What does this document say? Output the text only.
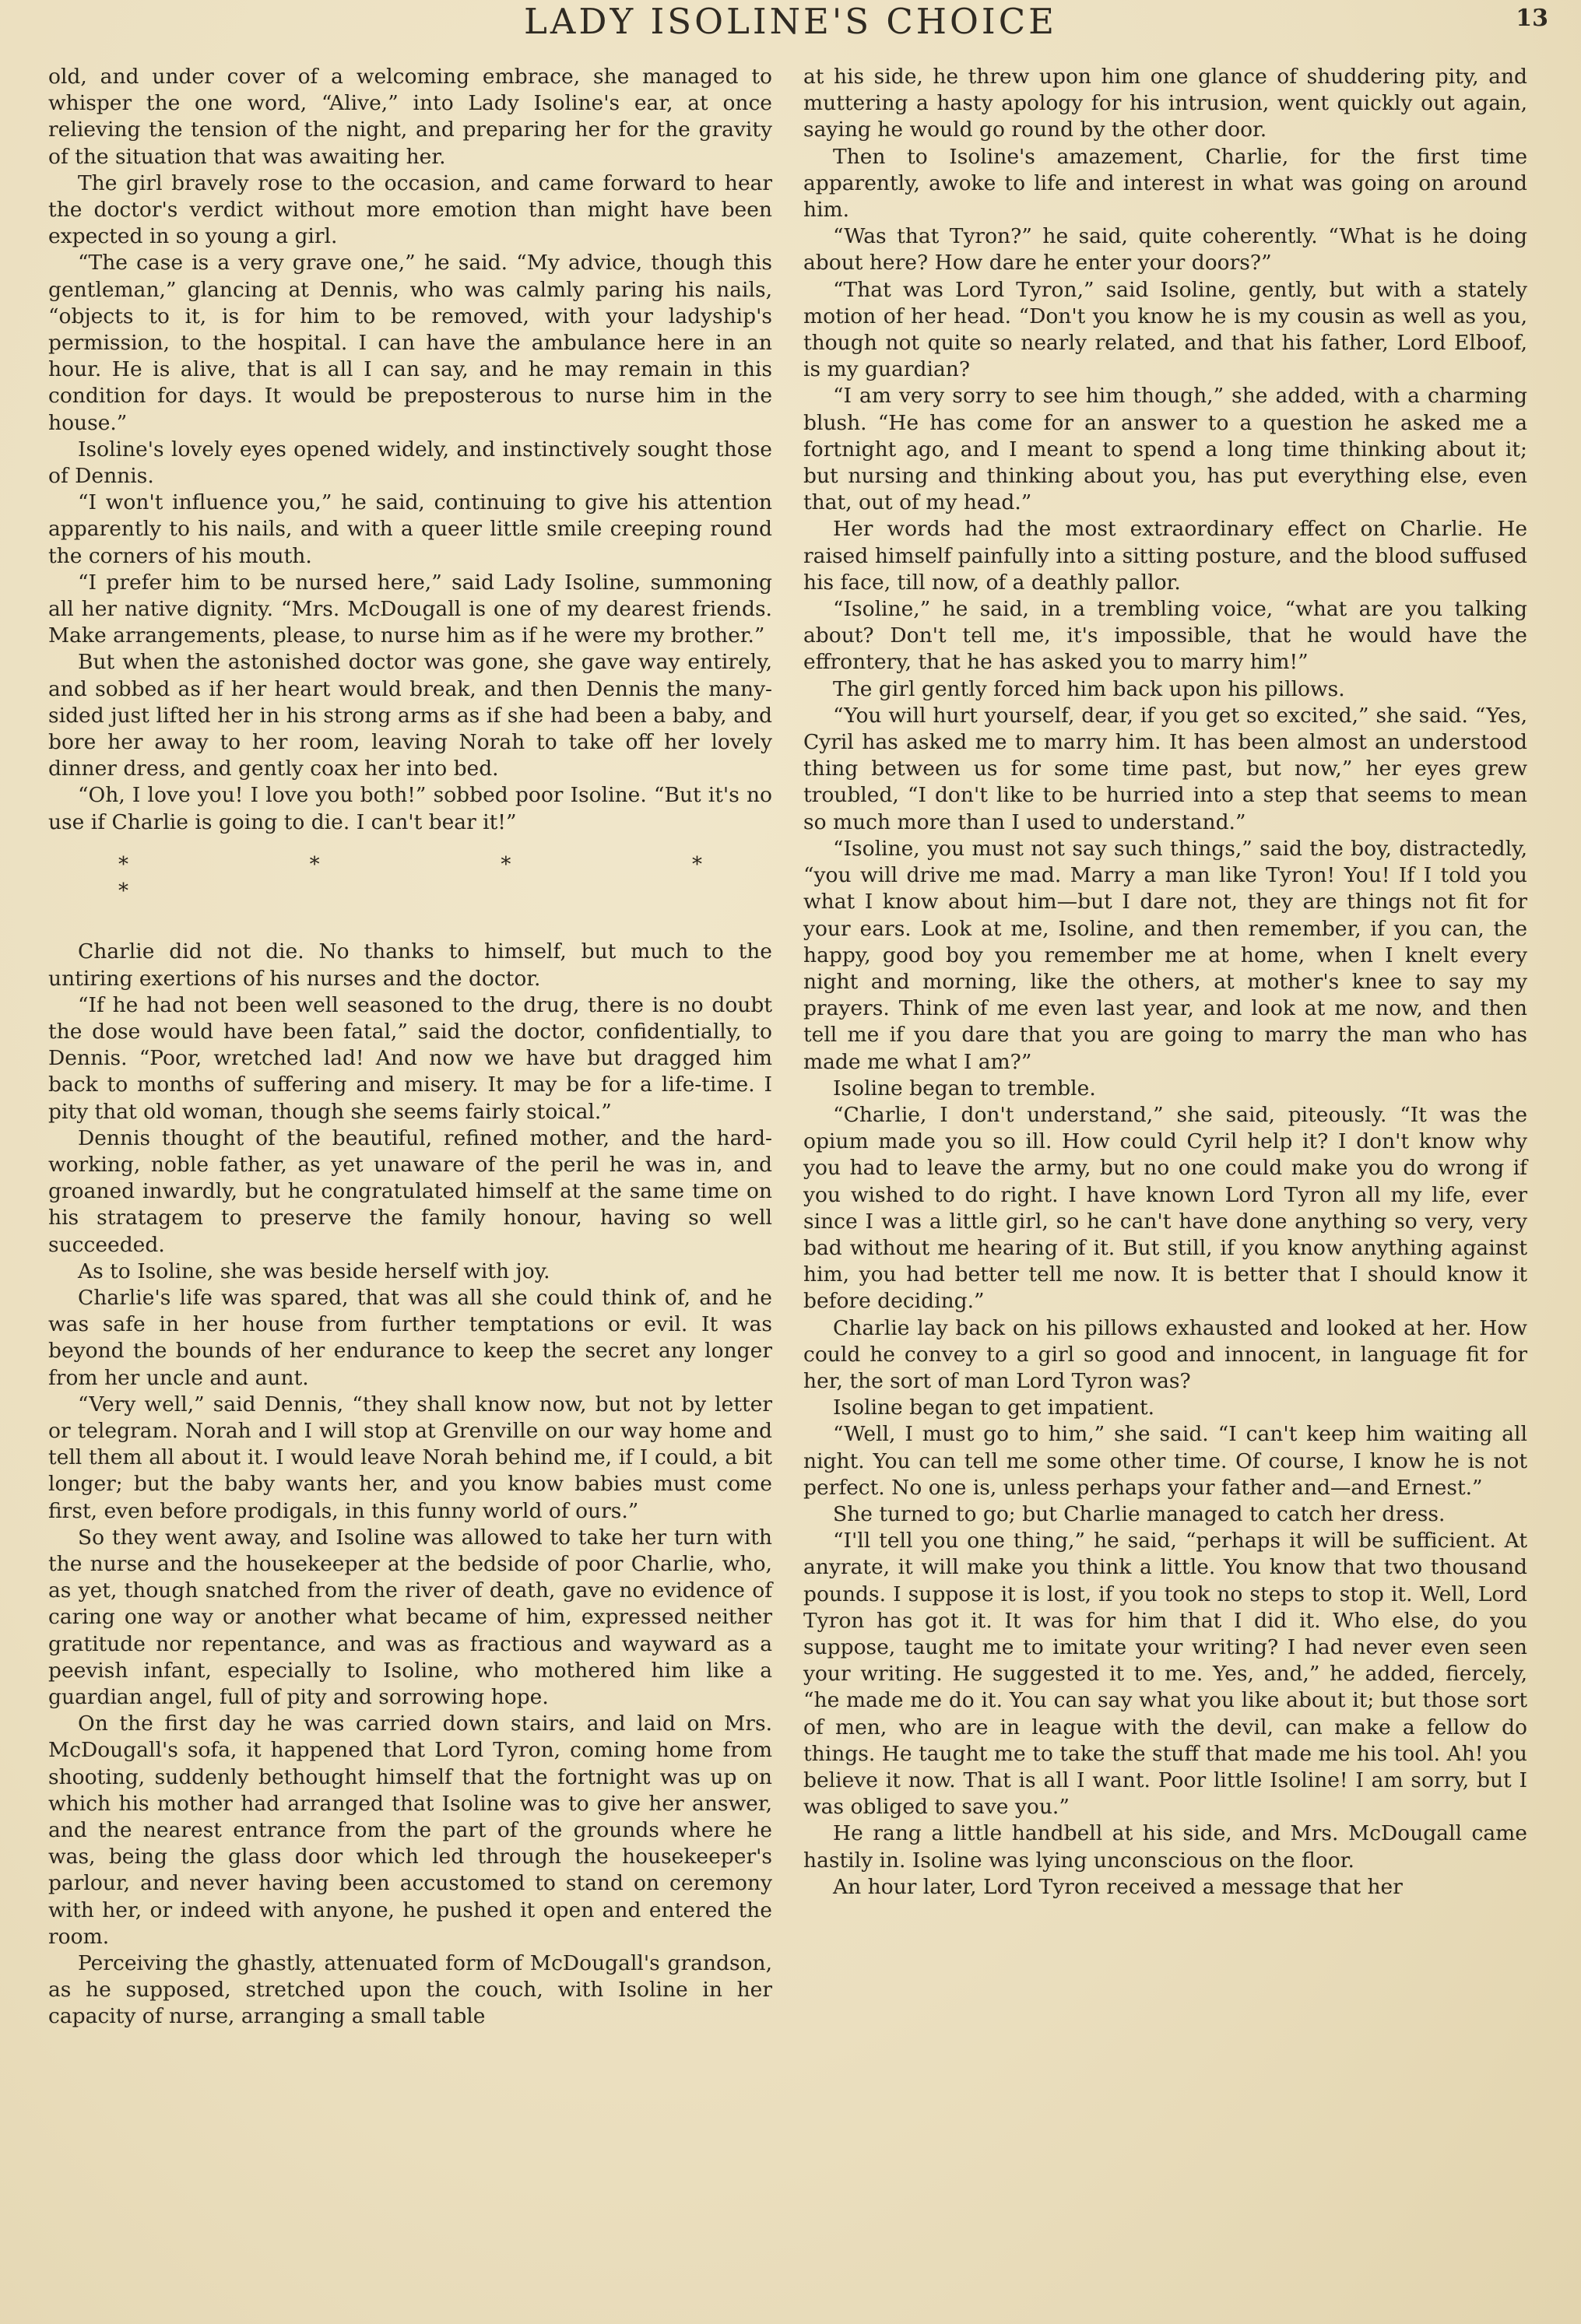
LADY ISOLINE'S CHOICE	13

old, and under cover of a welcoming embrace, she managed to whisper the one word, “Alive,” into Lady Isoline's ear, at once relieving the tension of the night, and preparing her for the gravity of the situation that was awaiting her.

The girl bravely rose to the occasion, and came forward to hear the doctor's verdict without more emotion than might have been expected in so young a girl.

“The case is a very grave one,” he said. “My advice, though this gentleman,” glancing at Dennis, who was calmly paring his nails, “objects to it, is for him to be removed, with your ladyship's permission, to the hospital. I can have the ambulance here in an hour. He is alive, that is all I can say, and he may remain in this condition for days. It would be preposterous to nurse him in the house.”

Isoline's lovely eyes opened widely, and instinctively sought those of Dennis.

“I won't influence you,” he said, continuing to give his attention apparently to his nails, and with a queer little smile creeping round the corners of his mouth.

“I prefer him to be nursed here,” said Lady Isoline, summoning all her native dignity. “Mrs. McDougall is one of my dearest friends. Make arrangements, please, to nurse him as if he were my brother.”

But when the astonished doctor was gone, she gave way entirely, and sobbed as if her heart would break, and then Dennis the many-sided just lifted her in his strong arms as if she had been a baby, and bore her away to her room, leaving Norah to take off her lovely dinner dress, and gently coax her into bed.

“Oh, I love you! I love you both!” sobbed poor Isoline. “But it's no use if Charlie is going to die. I can't bear it!”

* * * * *

Charlie did not die. No thanks to himself, but much to the untiring exertions of his nurses and the doctor.

“If he had not been well seasoned to the drug, there is no doubt the dose would have been fatal,” said the doctor, confidentially, to Dennis. “Poor, wretched lad! And now we have but dragged him back to months of suffering and misery. It may be for a life-time. I pity that old woman, though she seems fairly stoical.”

Dennis thought of the beautiful, refined mother, and the hard-working, noble father, as yet unaware of the peril he was in, and groaned inwardly, but he congratulated himself at the same time on his stratagem to preserve the family honour, having so well succeeded.

As to Isoline, she was beside herself with joy.

Charlie's life was spared, that was all she could think of, and he was safe in her house from further temptations or evil. It was beyond the bounds of her endurance to keep the secret any longer from her uncle and aunt.

“Very well,” said Dennis, “they shall know now, but not by letter or telegram. Norah and I will stop at Grenville on our way home and tell them all about it. I would leave Norah behind me, if I could, a bit longer; but the baby wants her, and you know babies must come first, even before prodigals, in this funny world of ours.”

So they went away, and Isoline was allowed to take her turn with the nurse and the housekeeper at the bedside of poor Charlie, who, as yet, though snatched from the river of death, gave no evidence of caring one way or another what became of him, expressed neither gratitude nor repentance, and was as fractious and wayward as a peevish infant, especially to Isoline, who mothered him like a guardian angel, full of pity and sorrowing hope.

On the first day he was carried down stairs, and laid on Mrs. McDougall's sofa, it happened that Lord Tyron, coming home from shooting, suddenly bethought himself that the fortnight was up on which his mother had arranged that Isoline was to give her answer, and the nearest entrance from the part of the grounds where he was, being the glass door which led through the housekeeper's parlour, and never having been accustomed to stand on ceremony with her, or indeed with anyone, he pushed it open and entered the room.

Perceiving the ghastly, attenuated form of McDougall's grandson, as he supposed, stretched upon the couch, with Isoline in her capacity of nurse, arranging a small table

at his side, he threw upon him one glance of shuddering pity, and muttering a hasty apology for his intrusion, went quickly out again, saying he would go round by the other door.

Then to Isoline's amazement, Charlie, for the first time apparently, awoke to life and interest in what was going on around him.

“Was that Tyron?” he said, quite coherently. “What is he doing about here? How dare he enter your doors?”

“That was Lord Tyron,” said Isoline, gently, but with a stately motion of her head. “Don't you know he is my cousin as well as you, though not quite so nearly related, and that his father, Lord Elboof, is my guardian?

“I am very sorry to see him though,” she added, with a charming blush. “He has come for an answer to a question he asked me a fortnight ago, and I meant to spend a long time thinking about it; but nursing and thinking about you, has put everything else, even that, out of my head.”

Her words had the most extraordinary effect on Charlie. He raised himself painfully into a sitting posture, and the blood suffused his face, till now, of a deathly pallor.

“Isoline,” he said, in a trembling voice, “what are you talking about? Don't tell me, it's impossible, that he would have the effrontery, that he has asked you to marry him!”

The girl gently forced him back upon his pillows.

“You will hurt yourself, dear, if you get so excited,” she said. “Yes, Cyril has asked me to marry him. It has been almost an understood thing between us for some time past, but now,” her eyes grew troubled, “I don't like to be hurried into a step that seems to mean so much more than I used to understand.”

“Isoline, you must not say such things,” said the boy, distractedly, “you will drive me mad. Marry a man like Tyron! You! If I told you what I know about him—but I dare not, they are things not fit for your ears. Look at me, Isoline, and then remember, if you can, the happy, good boy you remember me at home, when I knelt every night and morning, like the others, at mother's knee to say my prayers. Think of me even last year, and look at me now, and then tell me if you dare that you are going to marry the man who has made me what I am?”

Isoline began to tremble.

“Charlie, I don't understand,” she said, piteously. “It was the opium made you so ill. How could Cyril help it? I don't know why you had to leave the army, but no one could make you do wrong if you wished to do right. I have known Lord Tyron all my life, ever since I was a little girl, so he can't have done anything so very, very bad without me hearing of it. But still, if you know anything against him, you had better tell me now. It is better that I should know it before deciding.”

Charlie lay back on his pillows exhausted and looked at her. How could he convey to a girl so good and innocent, in language fit for her, the sort of man Lord Tyron was?

Isoline began to get impatient.

“Well, I must go to him,” she said. “I can't keep him waiting all night. You can tell me some other time. Of course, I know he is not perfect. No one is, unless perhaps your father and—and Ernest.”

She turned to go; but Charlie managed to catch her dress.

“I'll tell you one thing,” he said, “perhaps it will be sufficient. At anyrate, it will make you think a little. You know that two thousand pounds. I suppose it is lost, if you took no steps to stop it. Well, Lord Tyron has got it. It was for him that I did it. Who else, do you suppose, taught me to imitate your writing? I had never even seen your writing. He suggested it to me. Yes, and,” he added, fiercely, “he made me do it. You can say what you like about it; but those sort of men, who are in league with the devil, can make a fellow do things. He taught me to take the stuff that made me his tool. Ah! you believe it now. That is all I want. Poor little Isoline! I am sorry, but I was obliged to save you.”

He rang a little handbell at his side, and Mrs. McDougall came hastily in. Isoline was lying unconscious on the floor.

An hour later, Lord Tyron received a message that her
